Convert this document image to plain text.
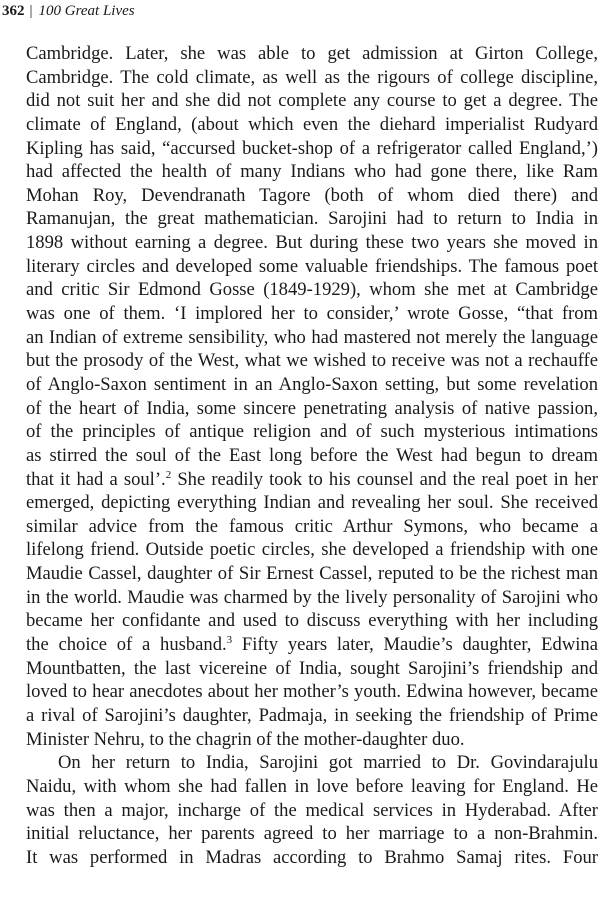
362 | 100 Great Lives
Cambridge. Later, she was able to get admission at Girton College,
Cambridge. The cold climate, as well as the rigours of college discipline,
did not suit her and she did not complete any course to get a degree. The
climate of England, (about which even the diehard imperialist Rudyard
Kipling has said, “accursed bucket-shop of a refrigerator called England,’)
had affected the health of many Indians who had gone there, like Ram
Mohan Roy, Devendranath Tagore (both of whom died there) and
Ramanujan, the great mathematician. Sarojini had to return to India in
1898 without earning a degree. But during these two years she moved in
literary circles and developed some valuable friendships. The famous poet
and critic Sir Edmond Gosse (1849-1929), whom she met at Cambridge
was one of them. ‘I implored her to consider,’ wrote Gosse, “that from
an Indian of extreme sensibility, who had mastered not merely the language
but the prosody of the West, what we wished to receive was not a rechauffe
of Anglo-Saxon sentiment in an Anglo-Saxon setting, but some revelation
of the heart of India, some sincere penetrating analysis of native passion,
of the principles of antique religion and of such mysterious intimations
as stirred the soul of the East long before the West had begun to dream
that it had a soul’.$^2$ She readily took to his counsel and the real poet in her
emerged, depicting everything Indian and revealing her soul. She received
similar advice from the famous critic Arthur Symons, who became a
lifelong friend. Outside poetic circles, she developed a friendship with one
Maudie Cassel, daughter of Sir Ernest Cassel, reputed to be the richest man
in the world. Maudie was charmed by the lively personality of Sarojini who
became her confidante and used to discuss everything with her including
the choice of a husband.$^3$ Fifty years later, Maudie’s daughter, Edwina
Mountbatten, the last vicereine of India, sought Sarojini’s friendship and
loved to hear anecdotes about her mother’s youth. Edwina however, became
a rival of Sarojini’s daughter, Padmaja, in seeking the friendship of Prime
Minister Nehru, to the chagrin of the mother-daughter duo.
On her return to India, Sarojini got married to Dr. Govindarajulu
Naidu, with whom she had fallen in love before leaving for England. He
was then a major, incharge of the medical services in Hyderabad. After
initial reluctance, her parents agreed to her marriage to a non-Brahmin.
It was performed in Madras according to Brahmo Samaj rites. Four
